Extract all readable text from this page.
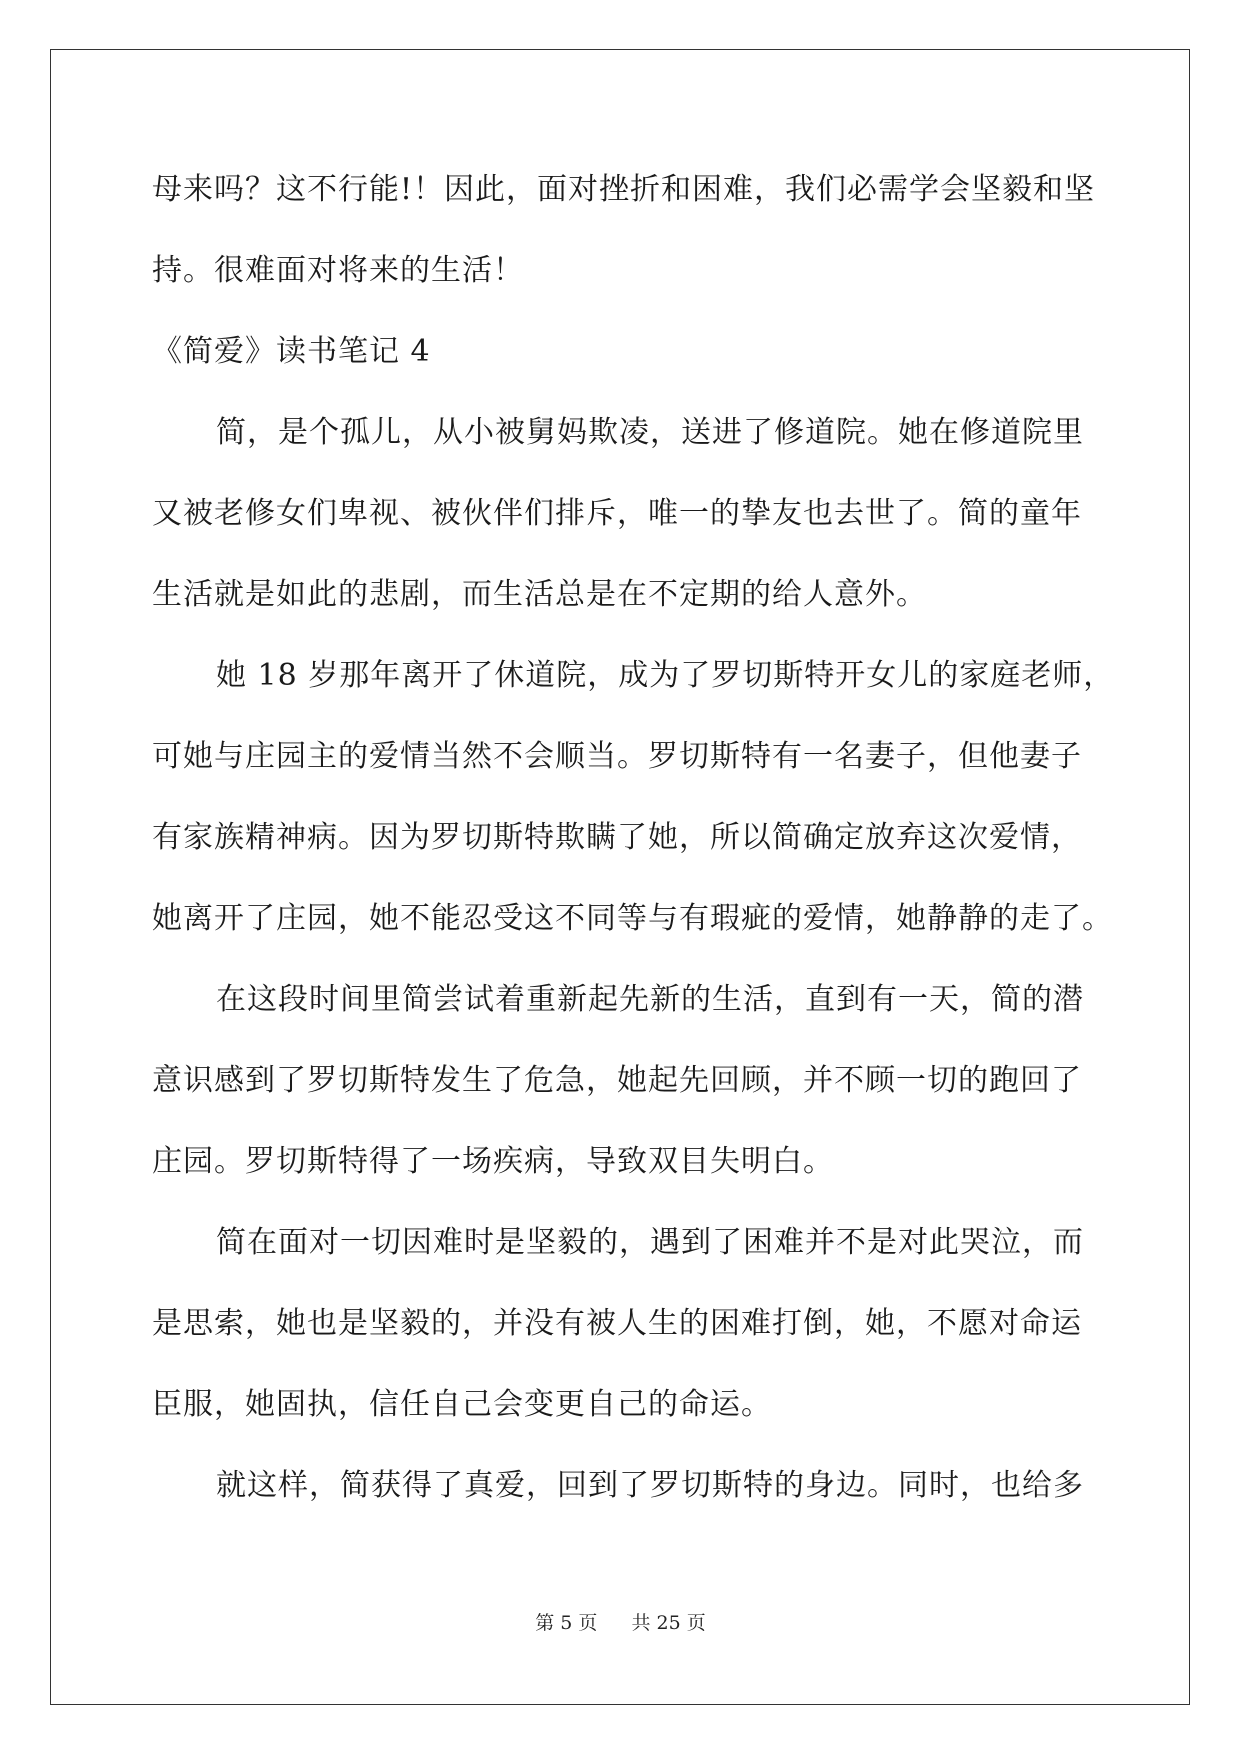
母来吗？这不行能!！因此，面对挫折和困难，我们必需学会坚毅和坚
持。很难面对将来的生活！
《简爱》读书笔记 4
简，是个孤儿，从小被舅妈欺凌，送进了修道院。她在修道院里
又被老修女们卑视、被伙伴们排斥，唯一的挚友也去世了。简的童年
生活就是如此的悲剧，而生活总是在不定期的给人意外。
她 18 岁那年离开了休道院，成为了罗切斯特开女儿的家庭老师，
可她与庄园主的爱情当然不会顺当。罗切斯特有一名妻子，但他妻子
有家族精神病。因为罗切斯特欺瞒了她，所以简确定放弃这次爱情，
她离开了庄园，她不能忍受这不同等与有瑕疵的爱情，她静静的走了。
在这段时间里简尝试着重新起先新的生活，直到有一天，简的潜
意识感到了罗切斯特发生了危急，她起先回顾，并不顾一切的跑回了
庄园。罗切斯特得了一场疾病，导致双目失明白。
简在面对一切因难时是坚毅的，遇到了困难并不是对此哭泣，而
是思索，她也是坚毅的，并没有被人生的困难打倒，她，不愿对命运
臣服，她固执，信任自己会变更自己的命运。
就这样，简获得了真爱，回到了罗切斯特的身边。同时，也给多
第 5 页 共 25 页
